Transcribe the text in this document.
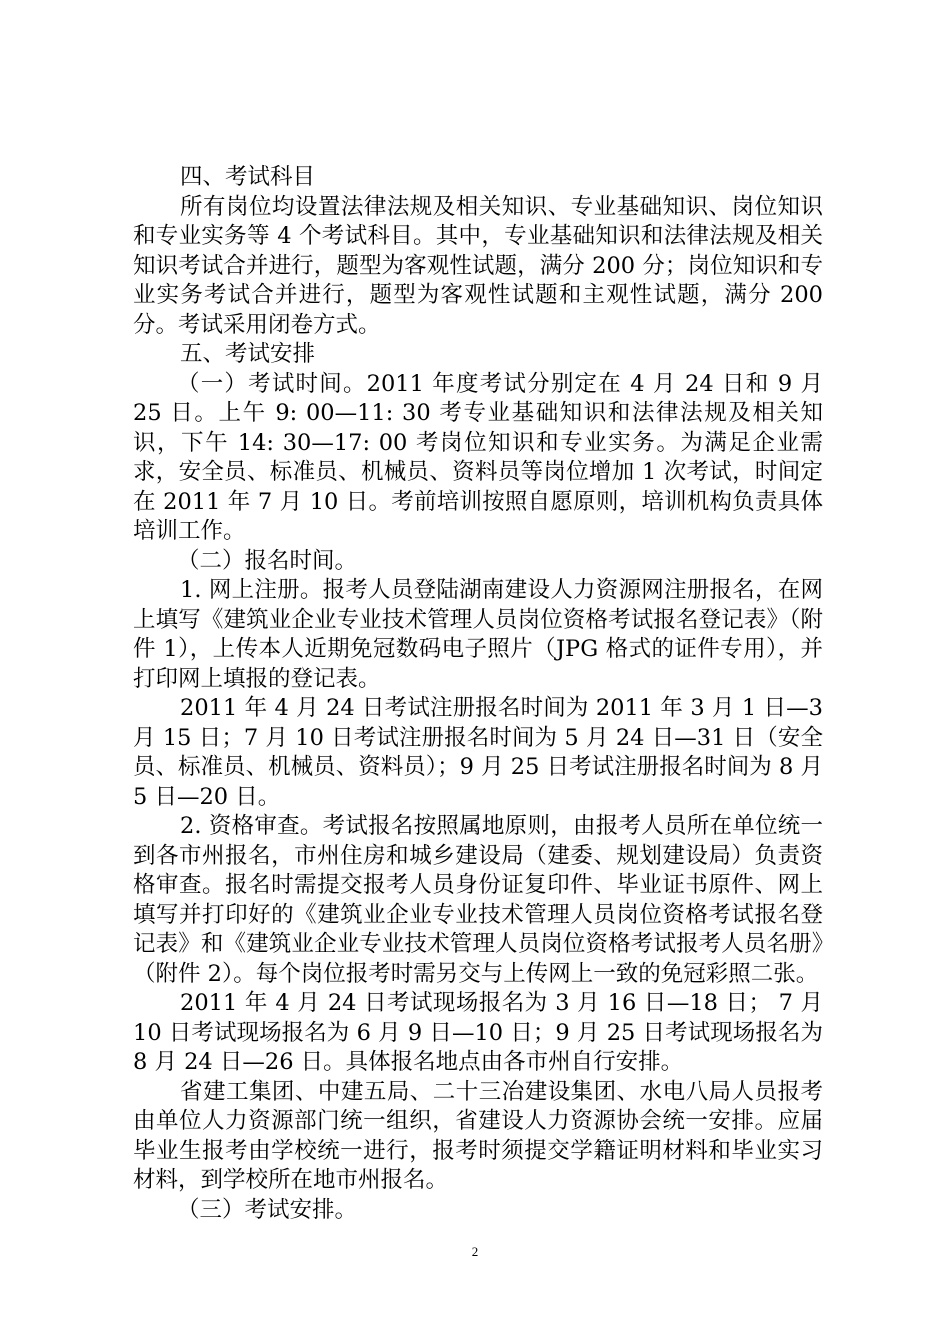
四、考试科目

所有岗位均设置法律法规及相关知识、专业基础知识、岗位知识和专业实务等 4 个考试科目。其中，专业基础知识和法律法规及相关知识考试合并进行，题型为客观性试题，满分 200 分；岗位知识和专业实务考试合并进行，题型为客观性试题和主观性试题，满分 200 分。考试采用闭卷方式。

五、考试安排

（一）考试时间。2011 年度考试分别定在 4 月 24 日和 9 月 25 日。上午 9: 00—11: 30 考专业基础知识和法律法规及相关知识，下午 14: 30—17: 00 考岗位知识和专业实务。为满足企业需求，安全员、标准员、机械员、资料员等岗位增加 1 次考试，时间定在 2011 年 7 月 10 日。考前培训按照自愿原则，培训机构负责具体培训工作。

（二）报名时间。

1. 网上注册。报考人员登陆湖南建设人力资源网注册报名，在网上填写《建筑业企业专业技术管理人员岗位资格考试报名登记表》（附件 1），上传本人近期免冠数码电子照片（JPG 格式的证件专用），并打印网上填报的登记表。

2011 年 4 月 24 日考试注册报名时间为 2011 年 3 月 1 日—3 月 15 日；7 月 10 日考试注册报名时间为 5 月 24 日—31 日（安全员、标准员、机械员、资料员）；9 月 25 日考试注册报名时间为 8 月 5 日—20 日。

2. 资格审查。考试报名按照属地原则，由报考人员所在单位统一到各市州报名，市州住房和城乡建设局（建委、规划建设局）负责资格审查。报名时需提交报考人员身份证复印件、毕业证书原件、网上填写并打印好的《建筑业企业专业技术管理人员岗位资格考试报名登记表》和《建筑业企业专业技术管理人员岗位资格考试报考人员名册》（附件 2）。每个岗位报考时需另交与上传网上一致的免冠彩照二张。

2011 年 4 月 24 日考试现场报名为 3 月 16 日—18 日； 7 月 10 日考试现场报名为 6 月 9 日—10 日；9 月 25 日考试现场报名为 8 月 24 日—26 日。具体报名地点由各市州自行安排。

省建工集团、中建五局、二十三冶建设集团、水电八局人员报考由单位人力资源部门统一组织，省建设人力资源协会统一安排。应届毕业生报考由学校统一进行，报考时须提交学籍证明材料和毕业实习材料，到学校所在地市州报名。

（三）考试安排。

2
